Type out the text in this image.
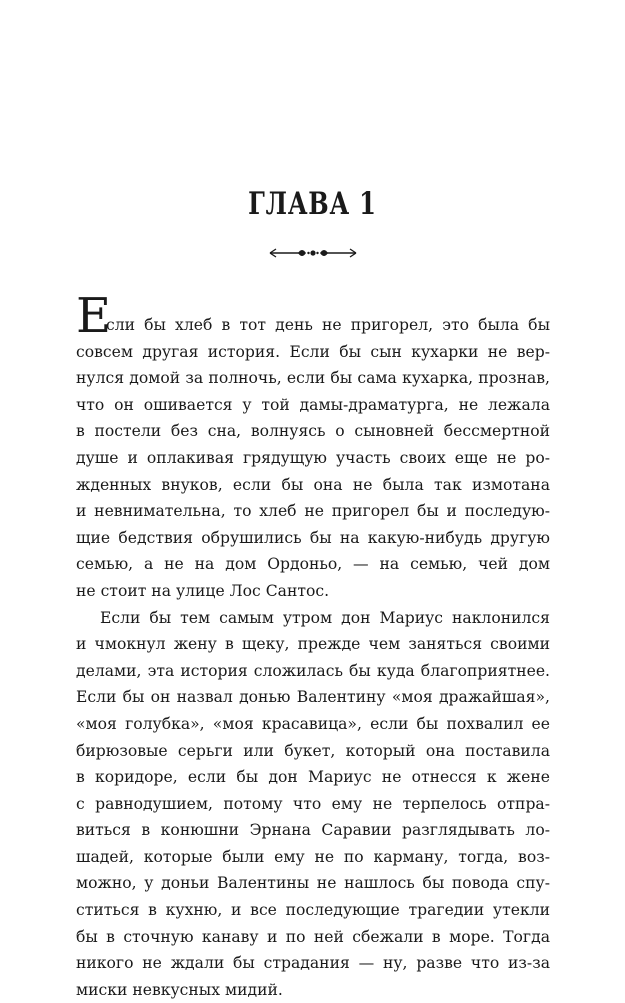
ГЛАВА 1
Е
сли бы хлеб в тот день не пригорел, это была бы
совсем другая история. Если бы сын кухарки не вер-
нулся домой за полночь, если бы сама кухарка, прознав,
что он ошивается у той дамы-драматурга, не лежала
в постели без сна, волнуясь о сыновней бессмертной
душе и оплакивая грядущую участь своих еще не ро-
жденных внуков, если бы она не была так измотана
и невнимательна, то хлеб не пригорел бы и последую-
щие бедствия обрушились бы на какую-нибудь другую
семью, а не на дом Ордоньо, — на семью, чей дом
не стоит на улице Лос Сантос.
Если бы тем самым утром дон Мариус наклонился
и чмокнул жену в щеку, прежде чем заняться своими
делами, эта история сложилась бы куда благоприятнее.
Если бы он назвал донью Валентину «моя дражайшая»,
«моя голубка», «моя красавица», если бы похвалил ее
бирюзовые серьги или букет, который она поставила
в коридоре, если бы дон Мариус не отнесся к жене
с равнодушием, потому что ему не терпелось отпра-
виться в конюшни Эрнана Саравии разглядывать ло-
шадей, которые были ему не по карману, тогда, воз-
можно, у доньи Валентины не нашлось бы повода спу-
ститься в кухню, и все последующие трагедии утекли
бы в сточную канаву и по ней сбежали в море. Тогда
никого не ждали бы страдания — ну, разве что из-за
миски невкусных мидий.
